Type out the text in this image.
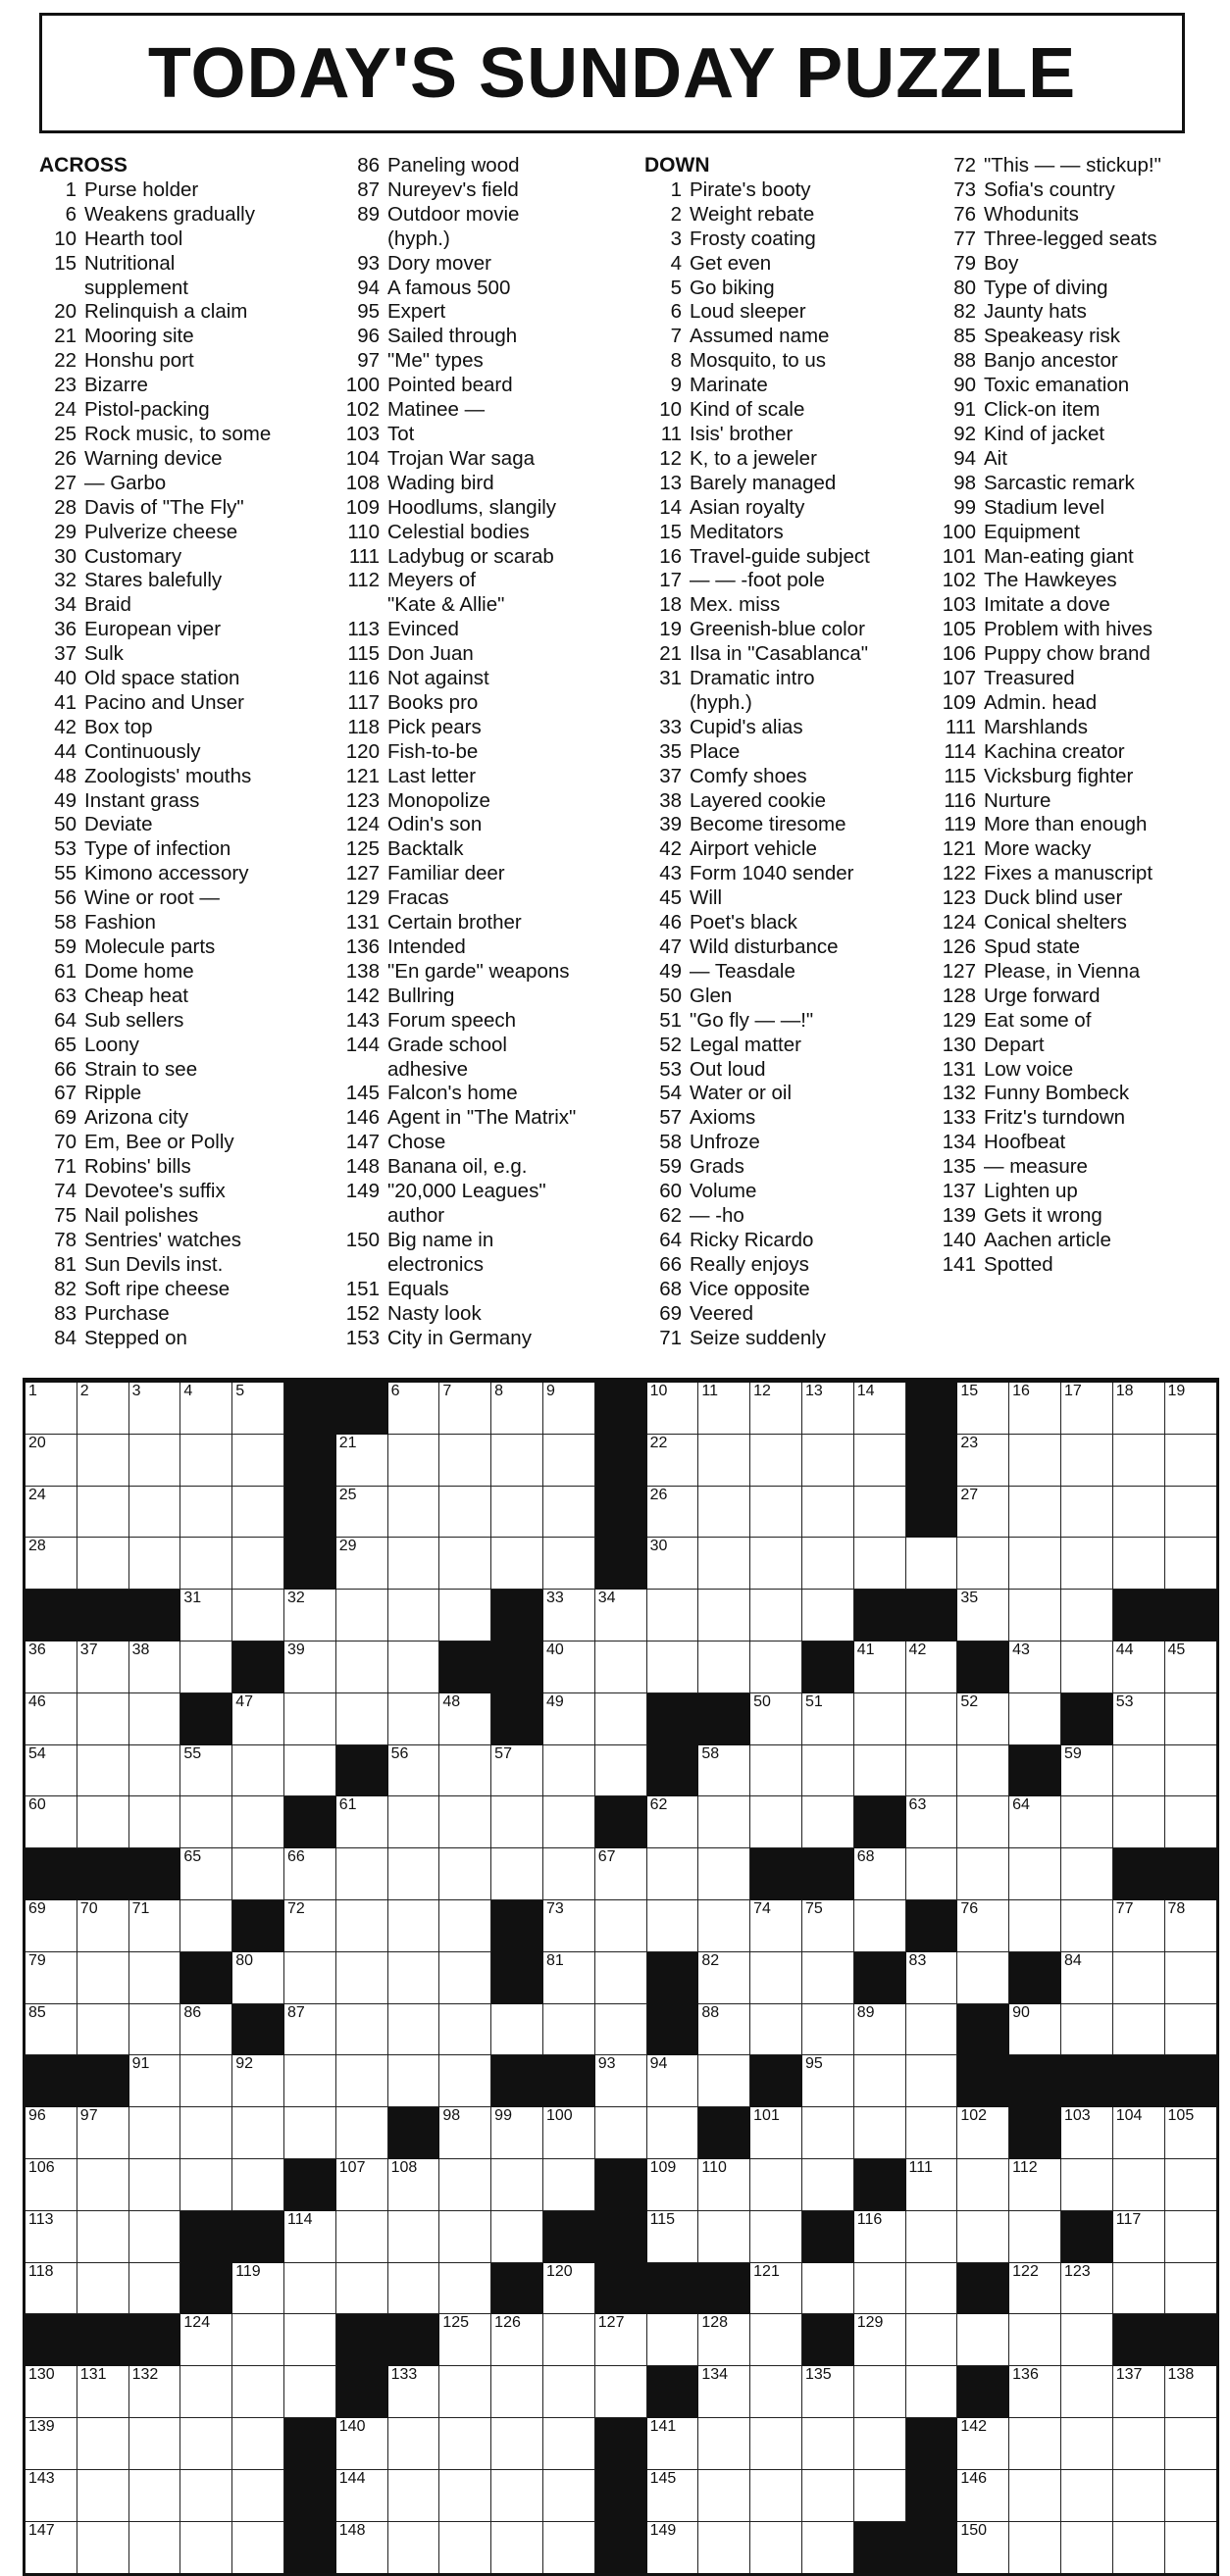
TODAY'S SUNDAY PUZZLE
ACROSS
1 Purse holder
6 Weakens gradually
10 Hearth tool
15 Nutritional
supplement
20 Relinquish a claim
21 Mooring site
22 Honshu port
23 Bizarre
24 Pistol-packing
25 Rock music, to some
26 Warning device
27 — Garbo
28 Davis of "The Fly"
29 Pulverize cheese
30 Customary
32 Stares balefully
34 Braid
36 European viper
37 Sulk
40 Old space station
41 Pacino and Unser
42 Box top
44 Continuously
48 Zoologists' mouths
49 Instant grass
50 Deviate
53 Type of infection
55 Kimono accessory
56 Wine or root —
58 Fashion
59 Molecule parts
61 Dome home
63 Cheap heat
64 Sub sellers
65 Loony
66 Strain to see
67 Ripple
69 Arizona city
70 Em, Bee or Polly
71 Robins' bills
74 Devotee's suffix
75 Nail polishes
78 Sentries' watches
81 Sun Devils inst.
82 Soft ripe cheese
83 Purchase
84 Stepped on
86 Paneling wood
87 Nureyev's field
89 Outdoor movie
(hyph.)
93 Dory mover
94 A famous 500
95 Expert
96 Sailed through
97 "Me" types
100 Pointed beard
102 Matinee —
103 Tot
104 Trojan War saga
108 Wading bird
109 Hoodlums, slangily
110 Celestial bodies
111 Ladybug or scarab
112 Meyers of
"Kate & Allie"
113 Evinced
115 Don Juan
116 Not against
117 Books pro
118 Pick pears
120 Fish-to-be
121 Last letter
123 Monopolize
124 Odin's son
125 Backtalk
127 Familiar deer
129 Fracas
131 Certain brother
136 Intended
138 "En garde" weapons
142 Bullring
143 Forum speech
144 Grade school
adhesive
145 Falcon's home
146 Agent in "The Matrix"
147 Chose
148 Banana oil, e.g.
149 "20,000 Leagues"
author
150 Big name in
electronics
151 Equals
152 Nasty look
153 City in Germany
DOWN
1 Pirate's booty
2 Weight rebate
3 Frosty coating
4 Get even
5 Go biking
6 Loud sleeper
7 Assumed name
8 Mosquito, to us
9 Marinate
10 Kind of scale
11 Isis' brother
12 K, to a jeweler
13 Barely managed
14 Asian royalty
15 Meditators
16 Travel-guide subject
17 — — -foot pole
18 Mex. miss
19 Greenish-blue color
21 Ilsa in "Casablanca"
31 Dramatic intro
(hyph.)
33 Cupid's alias
35 Place
37 Comfy shoes
38 Layered cookie
39 Become tiresome
42 Airport vehicle
43 Form 1040 sender
45 Will
46 Poet's black
47 Wild disturbance
49 — Teasdale
50 Glen
51 "Go fly — —!"
52 Legal matter
53 Out loud
54 Water or oil
57 Axioms
58 Unfroze
59 Grads
60 Volume
62 — -ho
64 Ricky Ricardo
66 Really enjoys
68 Vice opposite
69 Veered
71 Seize suddenly
72 "This — — stickup!"
73 Sofia's country
76 Whodunits
77 Three-legged seats
79 Boy
80 Type of diving
82 Jaunty hats
85 Speakeasy risk
88 Banjo ancestor
90 Toxic emanation
91 Click-on item
92 Kind of jacket
94 Ait
98 Sarcastic remark
99 Stadium level
100 Equipment
101 Man-eating giant
102 The Hawkeyes
103 Imitate a dove
105 Problem with hives
106 Puppy chow brand
107 Treasured
109 Admin. head
111 Marshlands
114 Kachina creator
115 Vicksburg fighter
116 Nurture
119 More than enough
121 More wacky
122 Fixes a manuscript
123 Duck blind user
124 Conical shelters
126 Spud state
127 Please, in Vienna
128 Urge forward
129 Eat some of
130 Depart
131 Low voice
132 Funny Bombeck
133 Fritz's turndown
134 Hoofbeat
135 — measure
137 Lighten up
139 Gets it wrong
140 Aachen article
141 Spotted
1	2	3	4	5	6	7	8	9	10 11 12 13 14	15 16 17 18 19
20	21	22	23
24	25	26	27
28	29	30
31	32	33 34	35
36 37 38	39	40	41 42	43	44 45
46	47	48	49	50 51	52	53
54	55	56	57	58	59
60	61	62	63	64
65	66	67	68
69 70 71	72	73	74 75	76	77 78
79	80	81	82	83	84
85	86	87	88	89	90
91	92	93 94	95
96 97	98 99 100	101	102	103 104 105
106	107 108	109 110	111	112
113	114	115	116	117
118	119	120	121	122 123
124	125 126	127	128	129
130 131 132	133	134	135	136	137 138
139	140	141	142
143	144	145	146
147	148	149	150
